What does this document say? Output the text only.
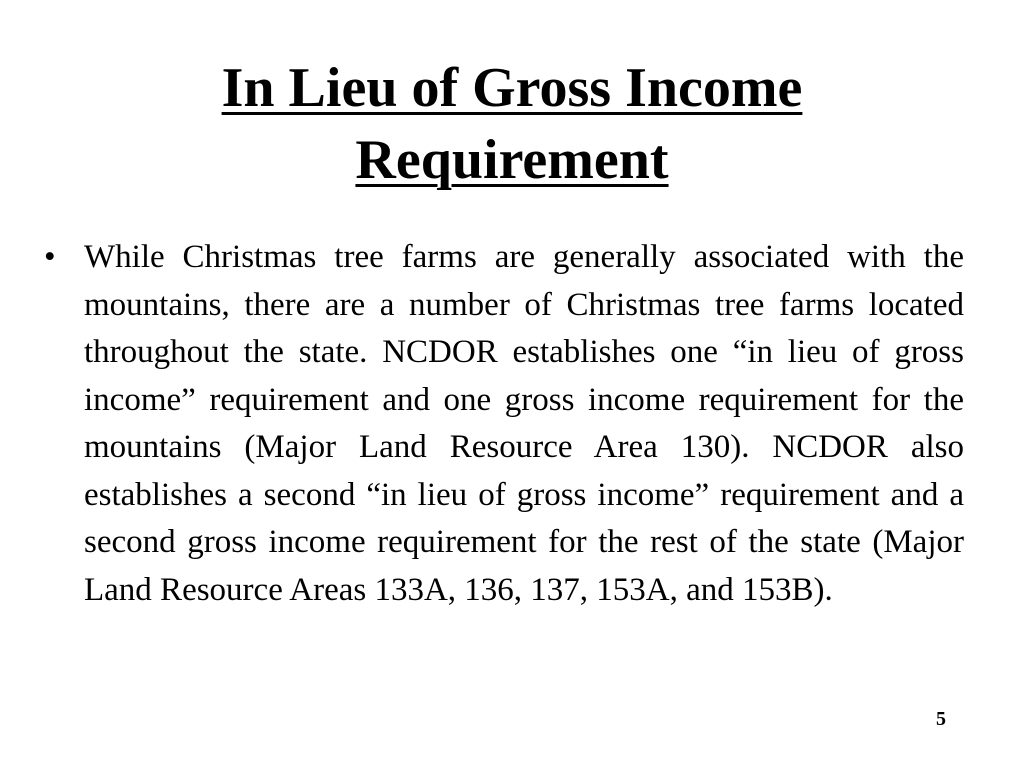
In Lieu of Gross Income Requirement
• While Christmas tree farms are generally associated with the mountains, there are a number of Christmas tree farms located throughout the state. NCDOR establishes one “in lieu of gross income” requirement and one gross income requirement for the mountains (Major Land Resource Area 130). NCDOR also establishes a second “in lieu of gross income” requirement and a second gross income requirement for the rest of the state (Major Land Resource Areas 133A, 136, 137, 153A, and 153B).
5
